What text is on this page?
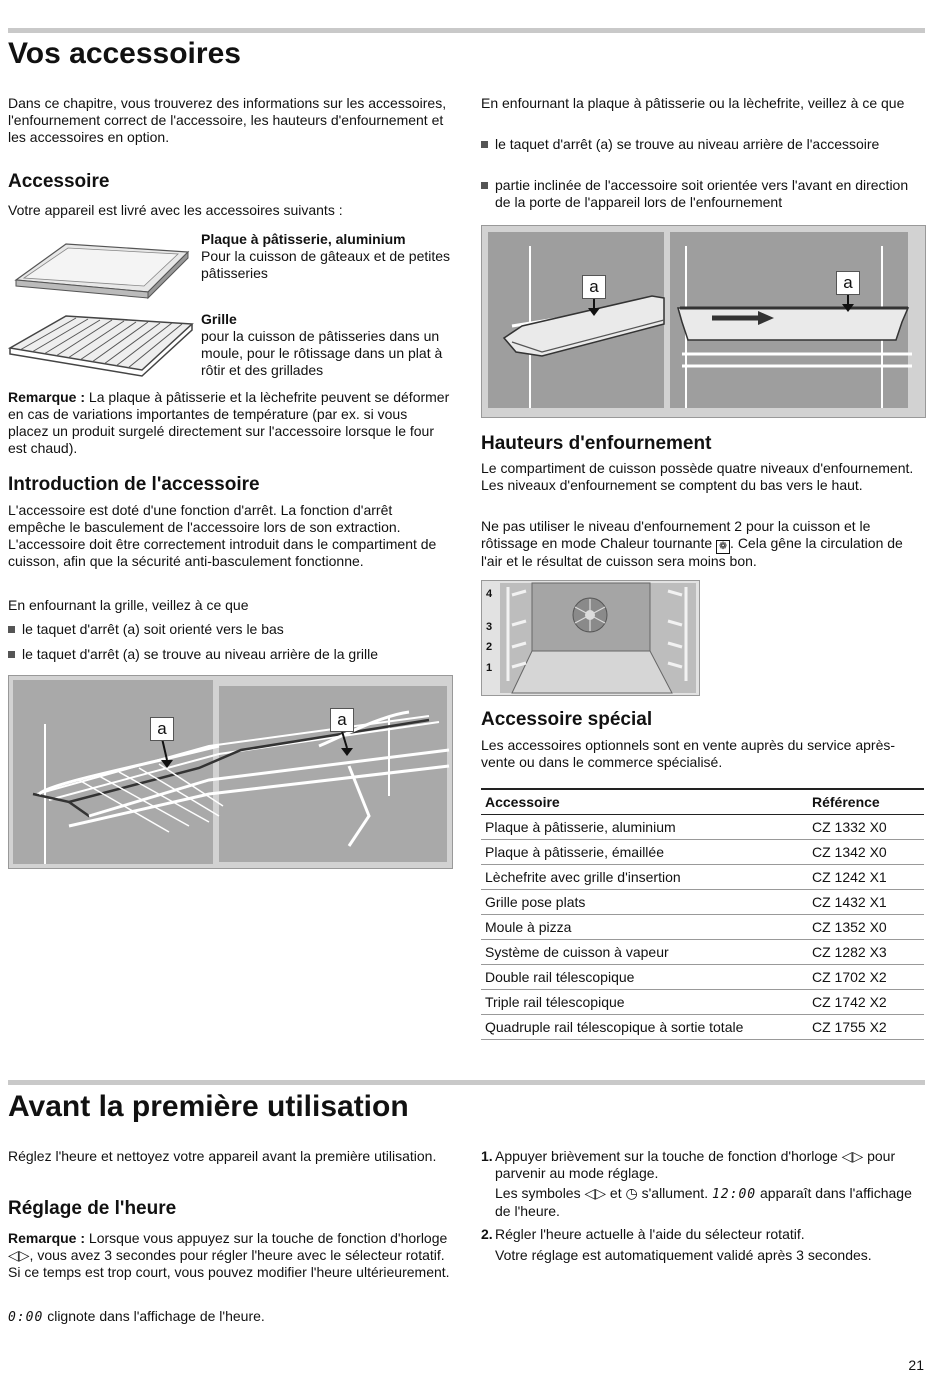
Vos accessoires

Dans ce chapitre, vous trouverez des informations sur les accessoires, l'enfournement correct de l'accessoire, les hauteurs d'enfournement et les accessoires en option.

Accessoire

Votre appareil est livré avec les accessoires suivants :

Plaque à pâtisserie, aluminium
Pour la cuisson de gâteaux et de petites pâtisseries

Grille
pour la cuisson de pâtisseries dans un moule, pour le rôtissage dans un plat à rôtir et des grillades

Remarque : La plaque à pâtisserie et la lèchefrite peuvent se déformer en cas de variations importantes de température (par ex. si vous placez un produit surgelé directement sur l'accessoire lorsque le four est chaud).

Introduction de l'accessoire

L'accessoire est doté d'une fonction d'arrêt. La fonction d'arrêt empêche le basculement de l'accessoire lors de son extraction. L'accessoire doit être correctement introduit dans le compartiment de cuisson, afin que la sécurité anti-basculement fonctionne.

En enfournant la grille, veillez à ce que

le taquet d'arrêt (a) soit orienté vers le bas
le taquet d'arrêt (a) se trouve au niveau arrière de la grille
a	a

En enfournant la plaque à pâtisserie ou la lèchefrite, veillez à ce que

le taquet d'arrêt (a) se trouve au niveau arrière de l'accessoire
partie inclinée de l'accessoire soit orientée vers l'avant en direction de la porte de l'appareil lors de l'enfournement
a	a
Hauteurs d'enfournement

Le compartiment de cuisson possède quatre niveaux d'enfournement. Les niveaux d'enfournement se comptent du bas vers le haut.

Ne pas utiliser le niveau d'enfournement 2 pour la cuisson et le rôtissage en mode Chaleur tournante ❁ . Cela gêne la circulation de l'air et le résultat de cuisson sera moins bon.

4
3
2
1
Accessoire spécial

Les accessoires optionnels sont en vente auprès du service après-vente ou dans le commerce spécialisé.

Accessoire	Référence
Plaque à pâtisserie, aluminium	CZ 1332 X0
Plaque à pâtisserie, émaillée	CZ 1342 X0
Lèchefrite avec grille d'insertion	CZ 1242 X1
Grille pose plats	CZ 1432 X1
Moule à pizza	CZ 1352 X0
Système de cuisson à vapeur	CZ 1282 X3
Double rail télescopique	CZ 1702 X2
Triple rail télescopique	CZ 1742 X2
Quadruple rail télescopique à sortie totale	CZ 1755 X2
Avant la première utilisation

Réglez l'heure et nettoyez votre appareil avant la première utilisation.

Réglage de l'heure

Remarque : Lorsque vous appuyez sur la touche de fonction d'horloge ◁▷, vous avez 3 secondes pour régler l'heure avec le sélecteur rotatif. Si ce temps est trop court, vous pouvez modifier l'heure ultérieurement.

0:00 clignote dans l'affichage de l'heure.

1. Appuyer brièvement sur la touche de fonction d'horloge ◁▷ pour parvenir au mode réglage.

Les symboles ◁▷ et ◷ s'allument. 12:00 apparaît dans l'affichage de l'heure.

2. Régler l'heure actuelle à l'aide du sélecteur rotatif.

Votre réglage est automatiquement validé après 3 secondes.

21
